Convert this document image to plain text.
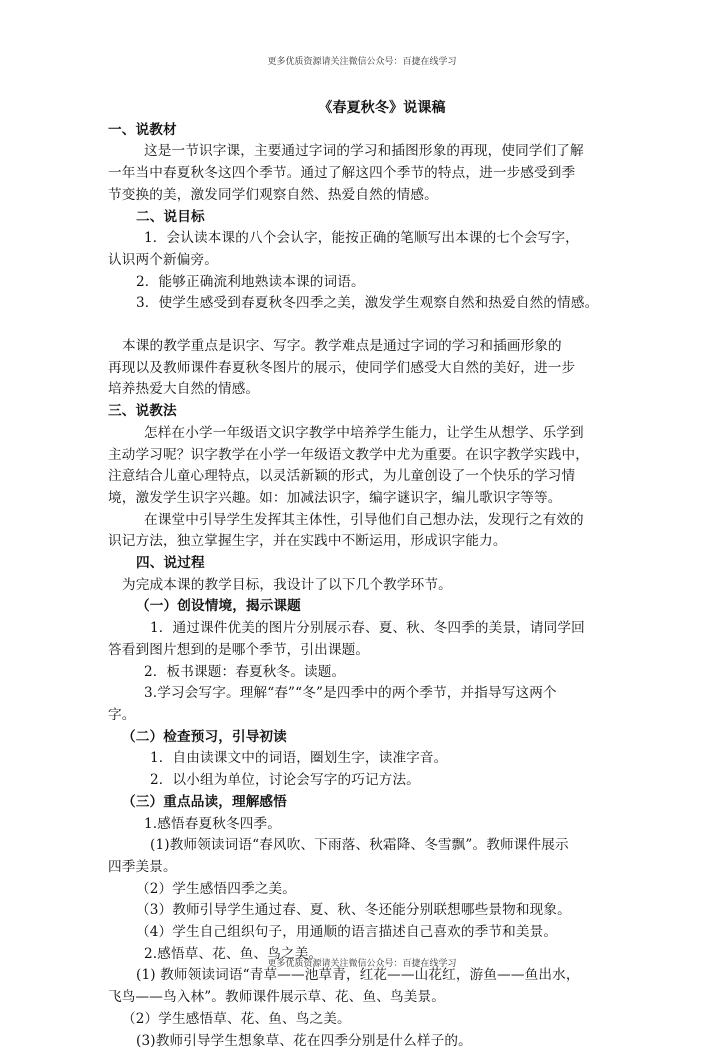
更多优质资源请关注微信公众号：百捷在线学习
《春夏秋冬》说课稿
一、说教材
这是一节识字课，主要通过字词的学习和插图形象的再现，使同学们了解
一年当中春夏秋冬这四个季节。通过了解这四个季节的特点，进一步感受到季
节变换的美，激发同学们观察自然、热爱自然的情感。
二、说目标
1．会认读本课的八个会认字，能按正确的笔顺写出本课的七个会写字，
认识两个新偏旁。
2．能够正确流利地熟读本课的词语。
3．使学生感受到春夏秋冬四季之美，激发学生观察自然和热爱自然的情感。
本课的教学重点是识字、写字。教学难点是通过字词的学习和插画形象的
再现以及教师课件春夏秋冬图片的展示，使同学们感受大自然的美好，进一步
培养热爱大自然的情感。
三、说教法
怎样在小学一年级语文识字教学中培养学生能力，让学生从想学、乐学到
主动学习呢？识字教学在小学一年级语文教学中尤为重要。在识字教学实践中，
注意结合儿童心理特点，以灵活新颖的形式，为儿童创设了一个快乐的学习情
境，激发学生识字兴趣。如：加减法识字，编字谜识字，编儿歌识字等等。
在课堂中引导学生发挥其主体性，引导他们自己想办法，发现行之有效的
识记方法，独立掌握生字，并在实践中不断运用，形成识字能力。
四、说过程
为完成本课的教学目标，我设计了以下几个教学环节。
（一）创设情境，揭示课题
1．通过课件优美的图片分别展示春、夏、秋、冬四季的美景，请同学回
答看到图片想到的是哪个季节，引出课题。
2．板书课题：春夏秋冬。读题。
3.学习会写字。理解“春”“冬”是四季中的两个季节，并指导写这两个
字。
（二）检查预习，引导初读
1．自由读课文中的词语，圈划生字，读准字音。
2．以小组为单位，讨论会写字的巧记方法。
（三）重点品读，理解感悟
1.感悟春夏秋冬四季。
(1)教师领读词语“春风吹、下雨落、秋霜降、冬雪飘”。教师课件展示
四季美景。
（2）学生感悟四季之美。
（3）教师引导学生通过春、夏、秋、冬还能分别联想哪些景物和现象。
（4）学生自己组织句子，用通顺的语言描述自己喜欢的季节和美景。
2.感悟草、花、鱼、鸟之美。
(1) 教师领读词语“青草——池草青，红花——山花红，游鱼——鱼出水，
飞鸟——鸟入林”。教师课件展示草、花、鱼、鸟美景。
（2）学生感悟草、花、鱼、鸟之美。
(3)教师引导学生想象草、花在四季分别是什么样子的。
更多优质资源请关注微信公众号：百捷在线学习
